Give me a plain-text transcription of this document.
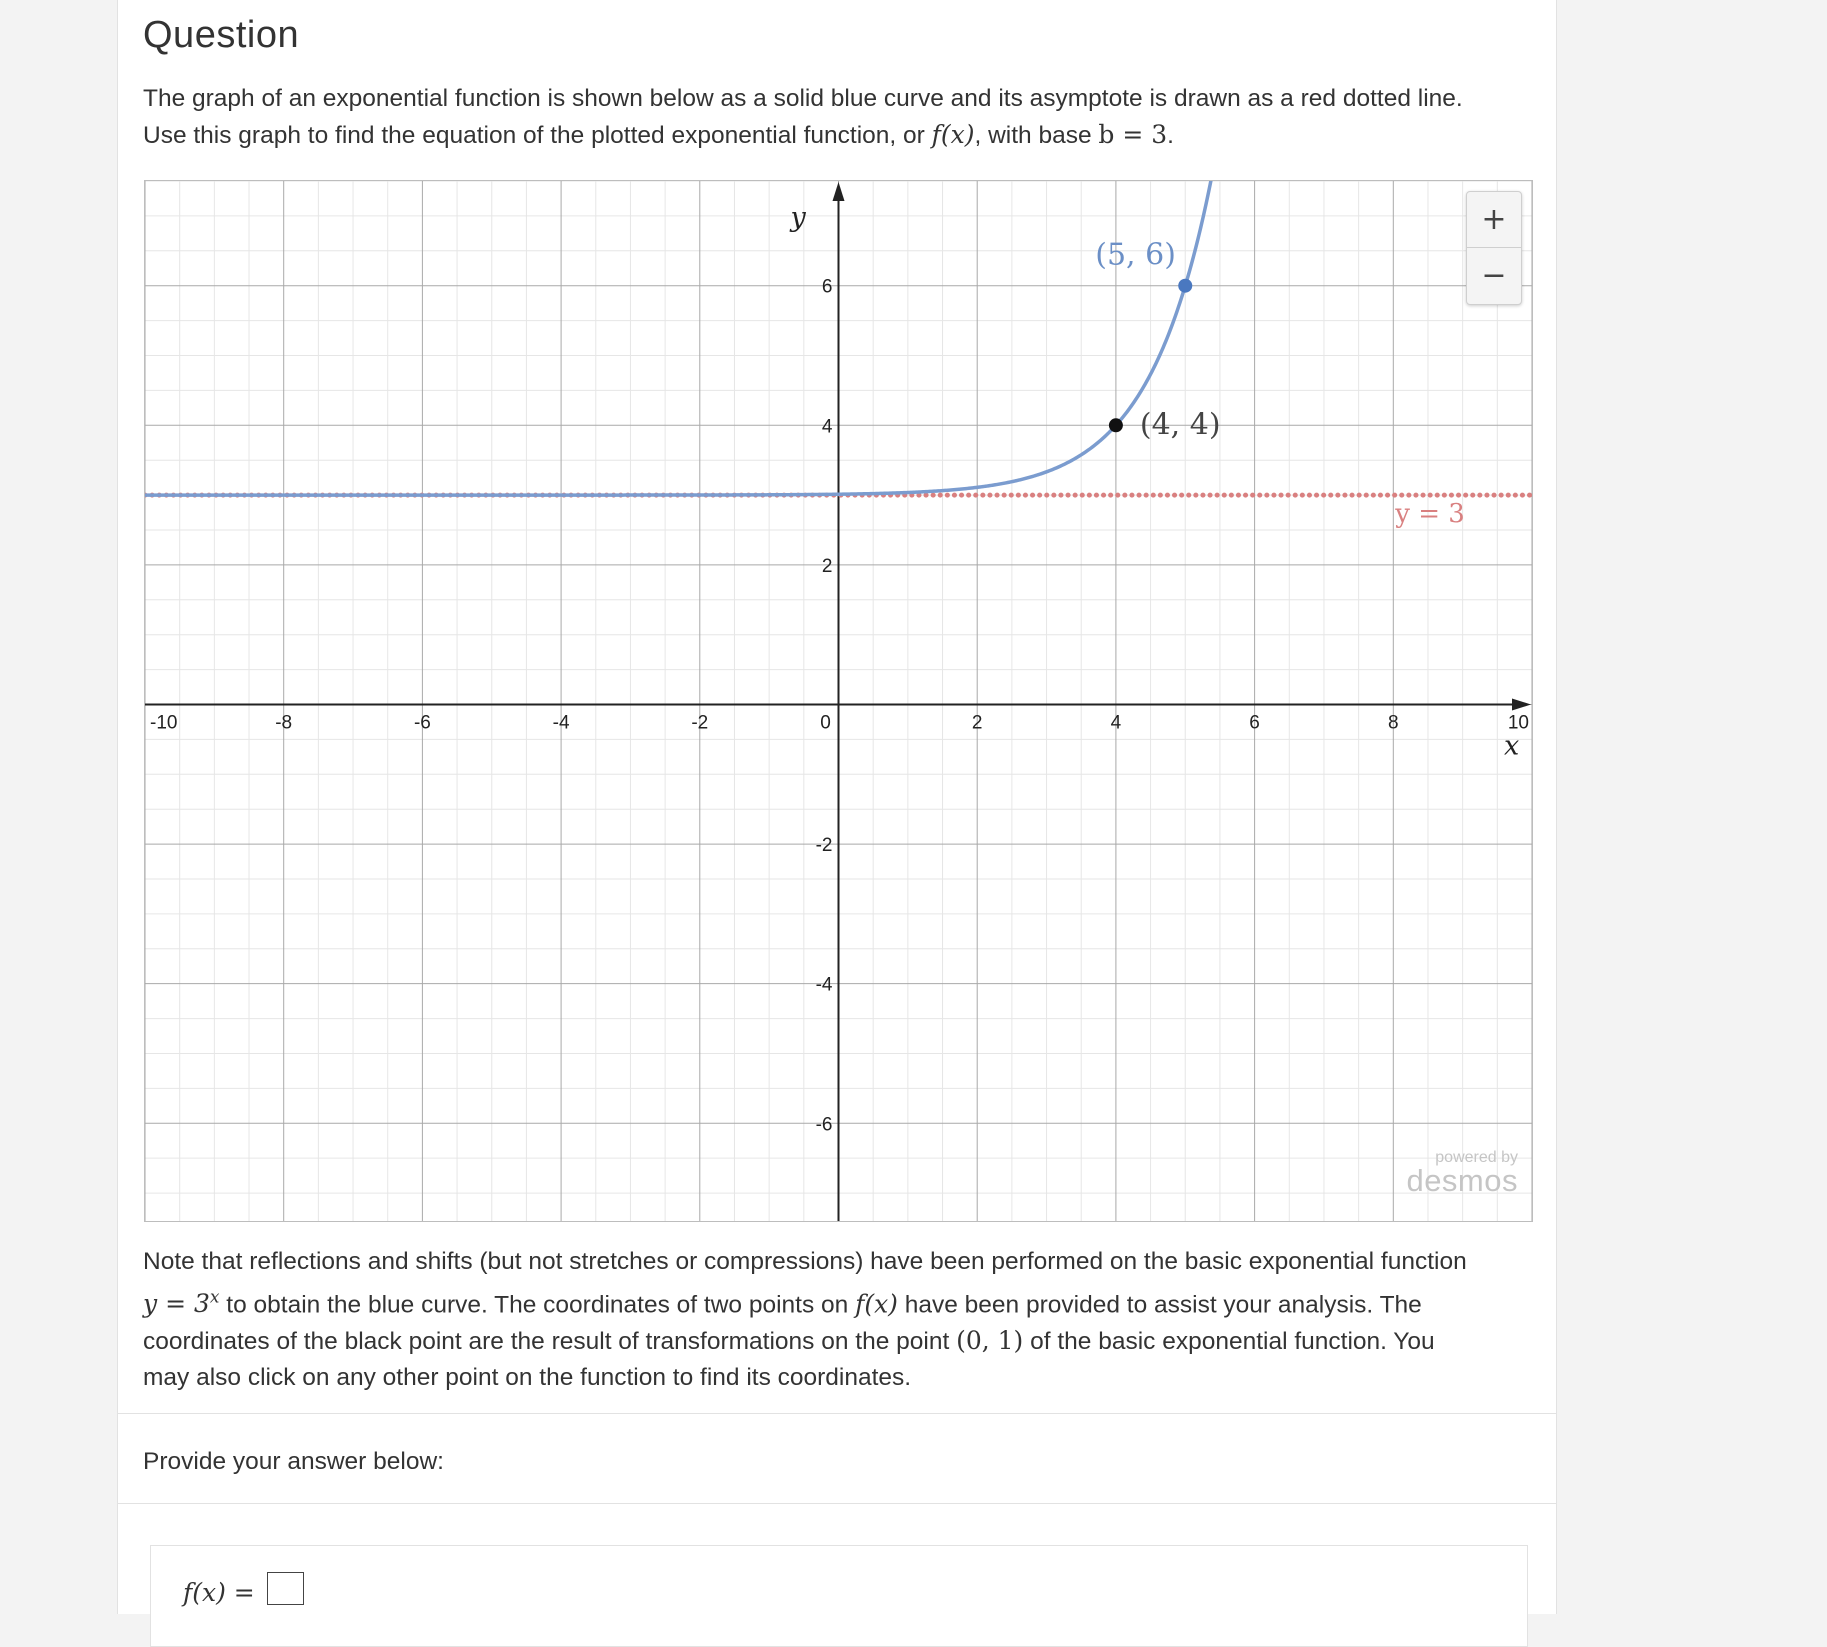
Question
The graph of an exponential function is shown below as a solid blue curve and its asymptote is drawn as a red dotted line.
Use this graph to find the equation of the plotted exponential function, or f(x), with base b = 3.
-10	-8	-6	-4	-2	0	2	4	6	8	10
-6
-4
-2
2
4
6
x
y
y = 3
(4, 4)
(5, 6)
+
−
powered by
desmos
Note that reflections and shifts (but not stretches or compressions) have been performed on the basic exponential function
$y = 3^x$ to obtain the blue curve. The coordinates of two points on f(x) have been provided to assist your analysis. The
coordinates of the black point are the result of transformations on the point (0, 1) of the basic exponential function. You
may also click on any other point on the function to find its coordinates.
Provide your answer below:
f(x) =
